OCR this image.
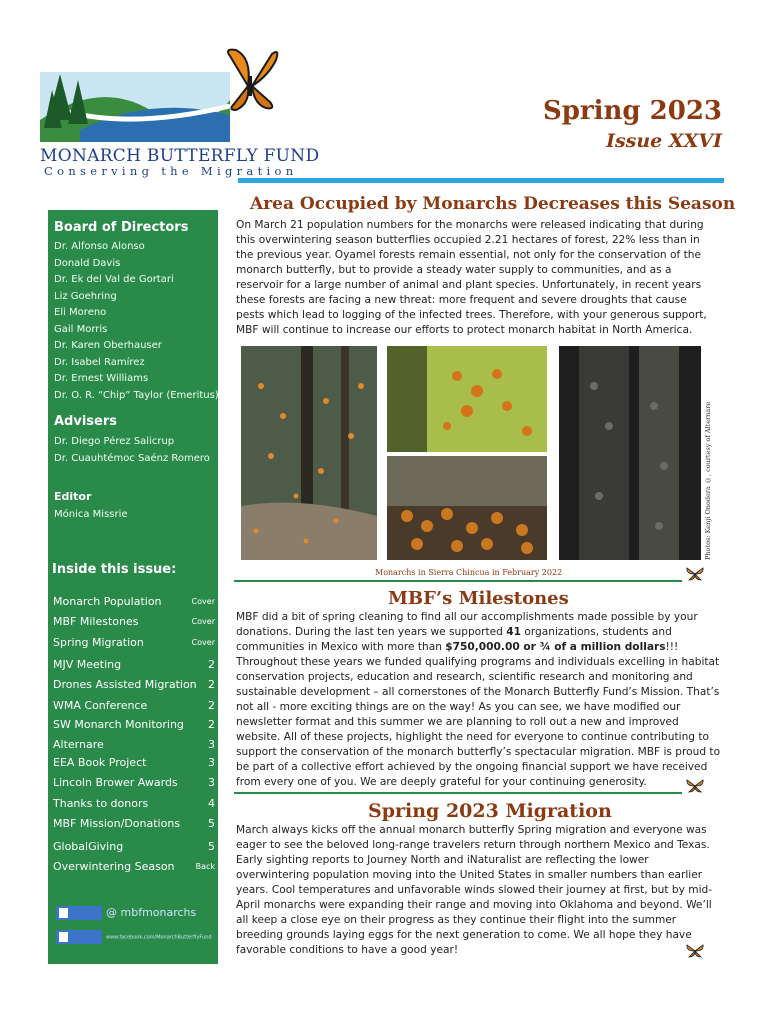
MONARCH BUTTERFLY FUND
Conserving the Migration
Spring 2023
Issue XXVI
Board of Directors
Dr. Alfonso Alonso
Donald Davis
Dr. Ek del Val de Gortari
Liz Goehring
Eli Moreno
Gail Morris
Dr. Karen Oberhauser
Dr. Isabel Ramírez
Dr. Ernest Williams
Dr. O. R. “Chip” Taylor (Emeritus)
Advisers
Dr. Diego Pérez Salicrup
Dr. Cuauhtémoc Saénz Romero
Editor
Mónica Missrie
Inside this issue:
Monarch Population	Cover
MBF Milestones	Cover
Spring Migration	Cover
MJV Meeting	2
Drones Assisted Migration 2
WMA Conference	2
SW Monarch Monitoring 2
Alternare	3
EEA Book Project	3
Lincoln Brower Awards	3
Thanks to donors	4
MBF Mission/Donations	5
GlobalGiving	5
Overwintering Season	Back
@ mbfmonarchs
www.facebook.com/MonarchButterflyFund
Area Occupied by Monarchs Decreases this Season
On March 21 population numbers for the monarchs were released indicating that during this overwintering season butterflies occupied 2.21 hectares of forest, 22% less than in the previous year. Oyamel forests remain essential, not only for the conservation of the monarch butterfly, but to provide a steady water supply to communities, and as a reservoir for a large number of animal and plant species. Unfortunately, in recent years these forests are facing a new threat: more frequent and severe droughts that cause pests which lead to logging of the infected trees. Therefore, with your generous support, MBF will continue to increase our efforts to protect monarch habitat in North America.
Photos: Kenji Onodera ©, courtesy of Alternare
Monarchs in Sierra Chincua in February 2022
MBF’s Milestones
MBF did a bit of spring cleaning to find all our accomplishments made possible by your donations. During the last ten years we supported 41 organizations, students and communities in Mexico with more than $750,000.00 or ¾ of a million dollars!!! Throughout these years we funded qualifying programs and individuals excelling in habitat conservation projects, education and research, scientific research and monitoring and sustainable development – all cornerstones of the Monarch Butterfly Fund’s Mission. That’s not all - more exciting things are on the way! As you can see, we have modified our newsletter format and this summer we are planning to roll out a new and improved website. All of these projects, highlight the need for everyone to continue contributing to support the conservation of the monarch butterfly’s spectacular migration. MBF is proud to be part of a collective effort achieved by the ongoing financial support we have received from every one of you. We are deeply grateful for your continuing generosity.
Spring 2023 Migration
March always kicks off the annual monarch butterfly Spring migration and everyone was eager to see the beloved long-range travelers return through northern Mexico and Texas. Early sighting reports to Journey North and iNaturalist are reflecting the lower overwintering population moving into the United States in smaller numbers than earlier years. Cool temperatures and unfavorable winds slowed their journey at first, but by mid-April monarchs were expanding their range and moving into Oklahoma and beyond. We’ll all keep a close eye on their progress as they continue their flight into the summer breeding grounds laying eggs for the next generation to come. We all hope they have favorable conditions to have a good year!
